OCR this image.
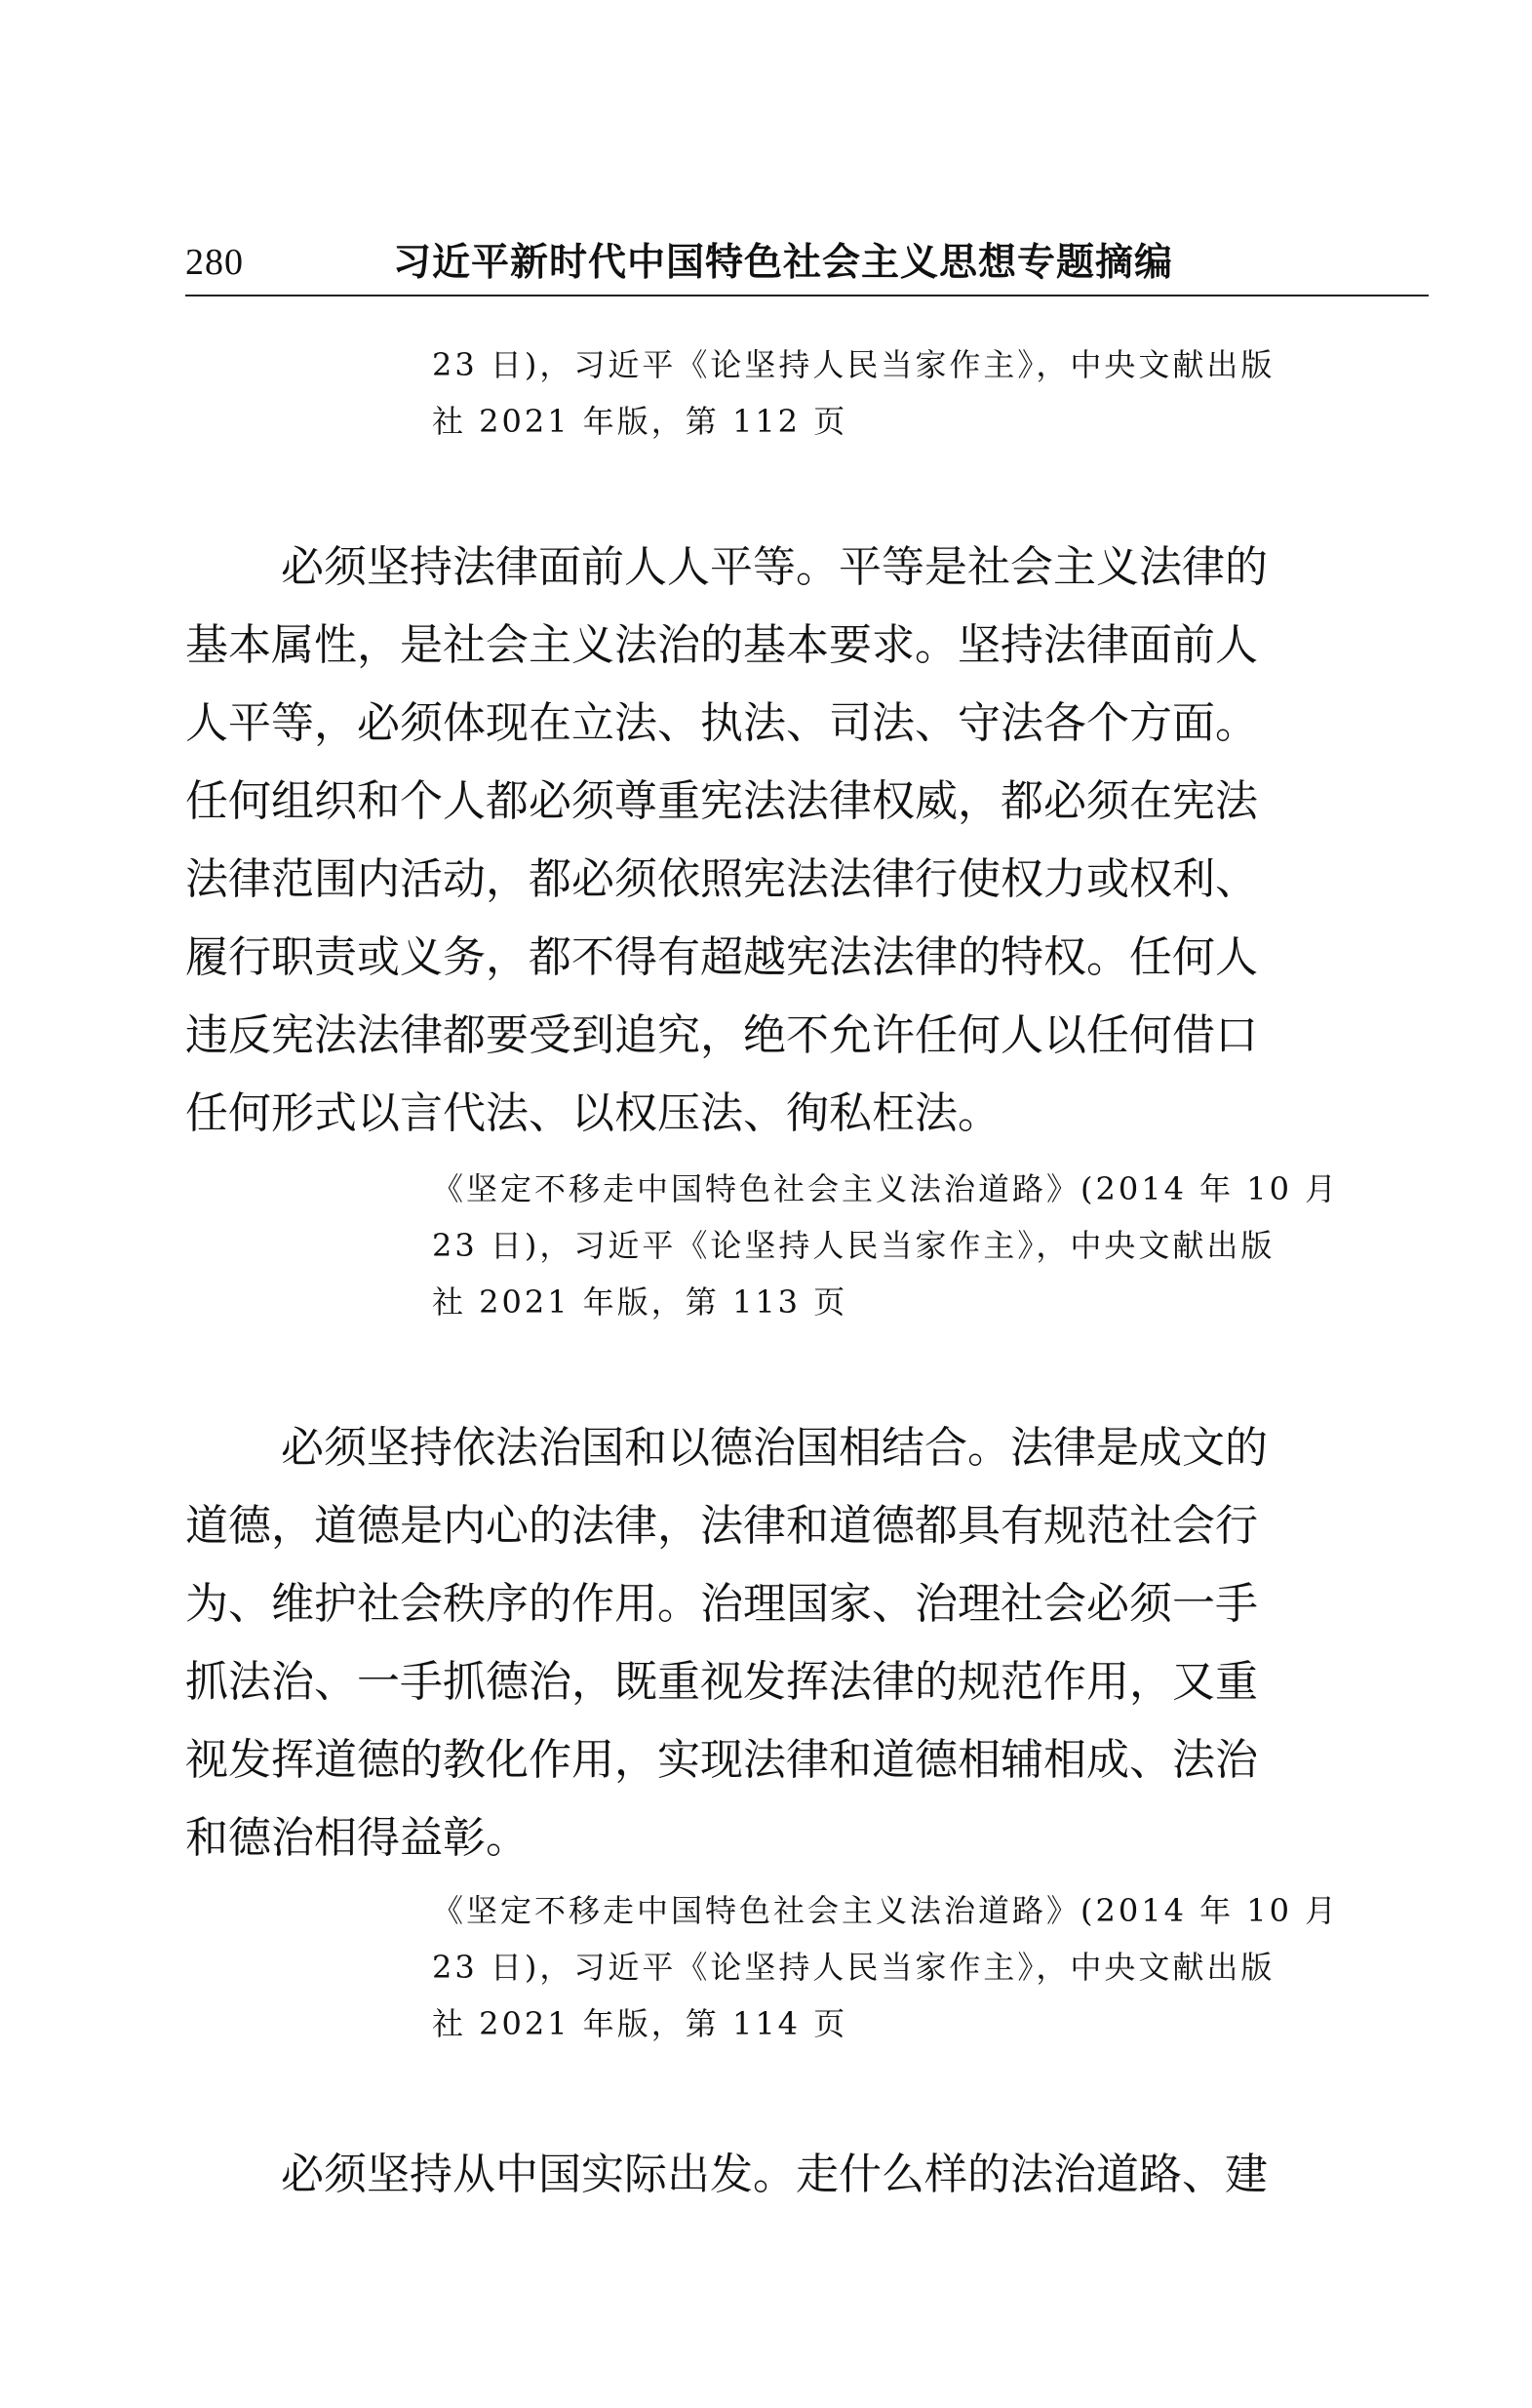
280	习近平新时代中国特色社会主义思想专题摘编
23 日)，习近平《论坚持人民当家作主》，中央文献出版
社 2021 年版，第 112 页
必须坚持法律面前人人平等。平等是社会主义法律的
基本属性，是社会主义法治的基本要求。坚持法律面前人
人平等，必须体现在立法、执法、司法、守法各个方面。
任何组织和个人都必须尊重宪法法律权威，都必须在宪法
法律范围内活动，都必须依照宪法法律行使权力或权利、
履行职责或义务，都不得有超越宪法法律的特权。任何人
违反宪法法律都要受到追究，绝不允许任何人以任何借口
任何形式以言代法、以权压法、徇私枉法。
《坚定不移走中国特色社会主义法治道路》(2014 年 10 月
23 日)，习近平《论坚持人民当家作主》，中央文献出版
社 2021 年版，第 113 页
必须坚持依法治国和以德治国相结合。法律是成文的
道德，道德是内心的法律，法律和道德都具有规范社会行
为、维护社会秩序的作用。治理国家、治理社会必须一手
抓法治、一手抓德治，既重视发挥法律的规范作用，又重
视发挥道德的教化作用，实现法律和道德相辅相成、法治
和德治相得益彰。
《坚定不移走中国特色社会主义法治道路》(2014 年 10 月
23 日)，习近平《论坚持人民当家作主》，中央文献出版
社 2021 年版，第 114 页
必须坚持从中国实际出发。走什么样的法治道路、建
